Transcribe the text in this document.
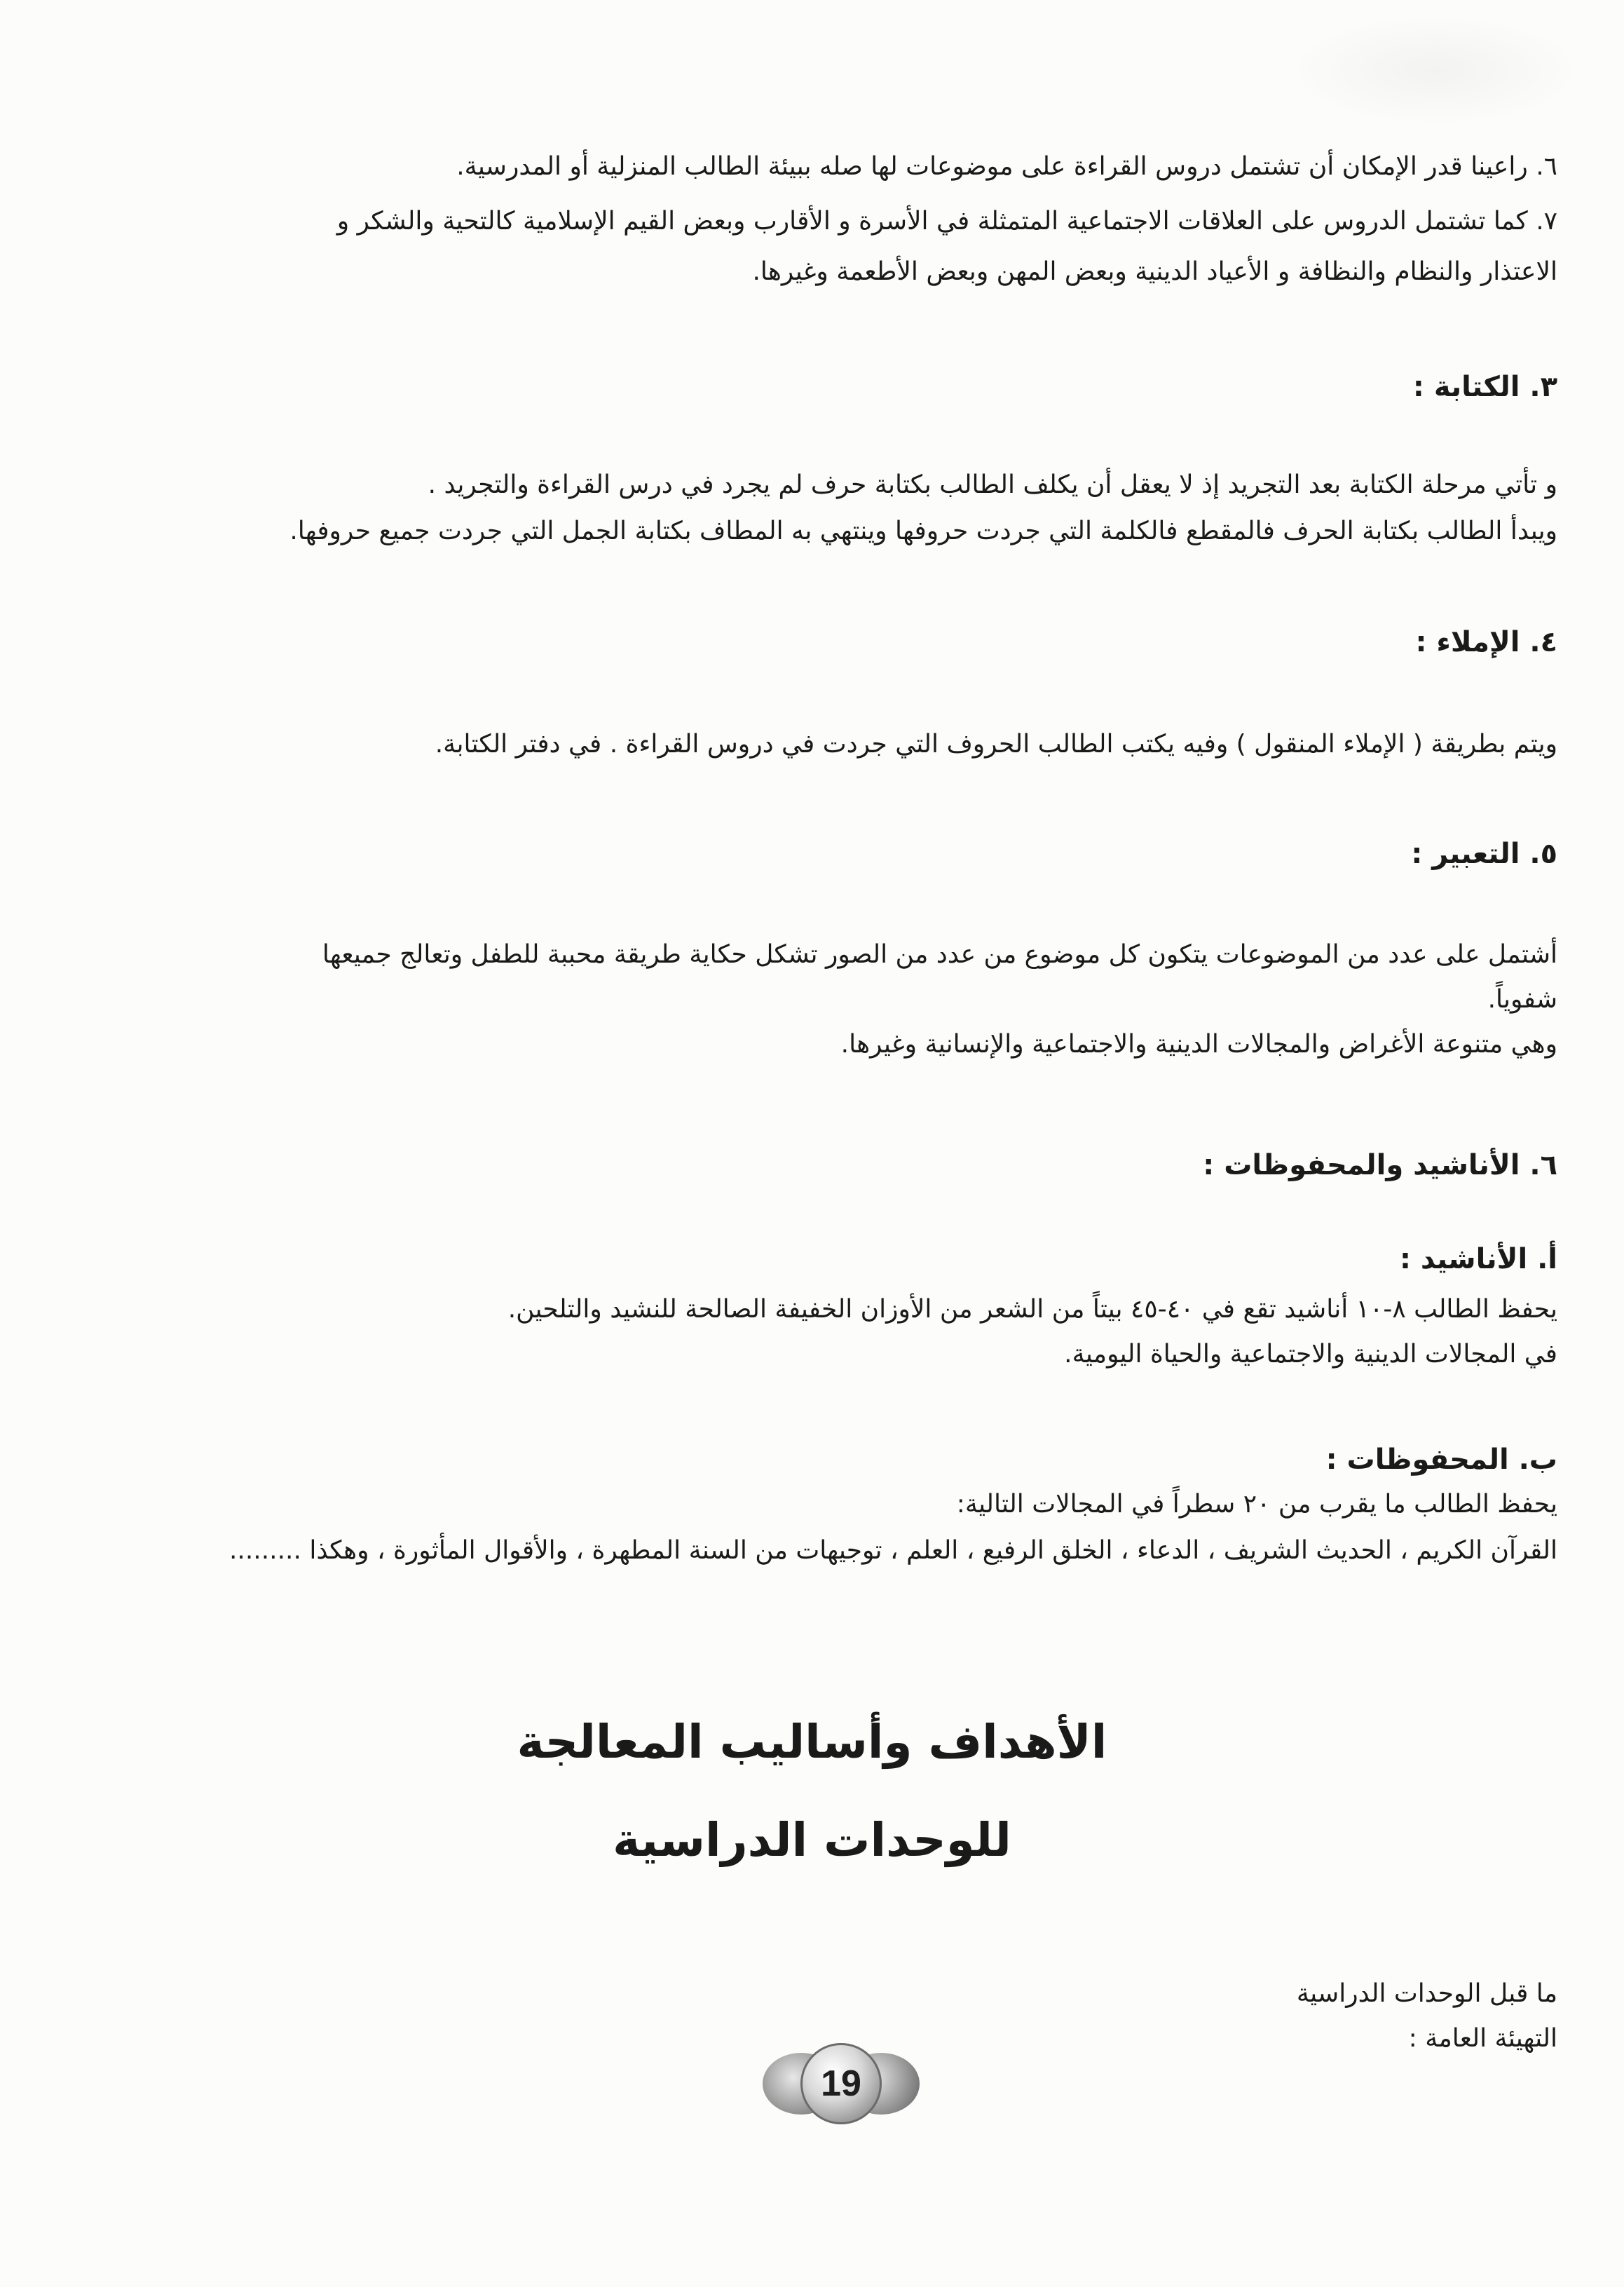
٦. راعينا قدر الإمكان أن تشتمل دروس القراءة على موضوعات لها صله ببيئة الطالب المنزلية أو المدرسية.
٧. كما تشتمل الدروس على العلاقات الاجتماعية المتمثلة في الأسرة و الأقارب وبعض القيم الإسلامية كالتحية والشكر و
الاعتذار والنظام والنظافة و الأعياد الدينية وبعض المهن وبعض الأطعمة وغيرها.
٣. الكتابة :
و تأتي مرحلة الكتابة بعد التجريد إذ لا يعقل أن يكلف الطالب بكتابة حرف لم يجرد في درس القراءة والتجريد .
ويبدأ الطالب بكتابة الحرف فالمقطع فالكلمة التي جردت حروفها وينتهي به المطاف بكتابة الجمل التي جردت جميع حروفها.
٤. الإملاء :
ويتم بطريقة ( الإملاء المنقول ) وفيه يكتب الطالب الحروف التي جردت في دروس القراءة . في دفتر الكتابة.
٥. التعبير :
أشتمل على عدد من الموضوعات يتكون كل موضوع من عدد من الصور تشكل حكاية طريقة محببة للطفل وتعالج جميعها
شفوياً.
وهي متنوعة الأغراض والمجالات الدينية والاجتماعية والإنسانية وغيرها.
٦. الأناشيد والمحفوظات :
أ. الأناشيد :
يحفظ الطالب ٨-١٠ أناشيد تقع في ٤٠-٤٥ بيتاً من الشعر من الأوزان الخفيفة الصالحة للنشيد والتلحين.
في المجالات الدينية والاجتماعية والحياة اليومية.
ب. المحفوظات :
يحفظ الطالب ما يقرب من ٢٠ سطراً في المجالات التالية:
القرآن الكريم ، الحديث الشريف ، الدعاء ، الخلق الرفيع ، العلم ، توجيهات من السنة المطهرة ، والأقوال المأثورة ، وهكذا .........
الأهداف وأساليب المعالجة
للوحدات الدراسية
ما قبل الوحدات الدراسية
التهيئة العامة :
19
